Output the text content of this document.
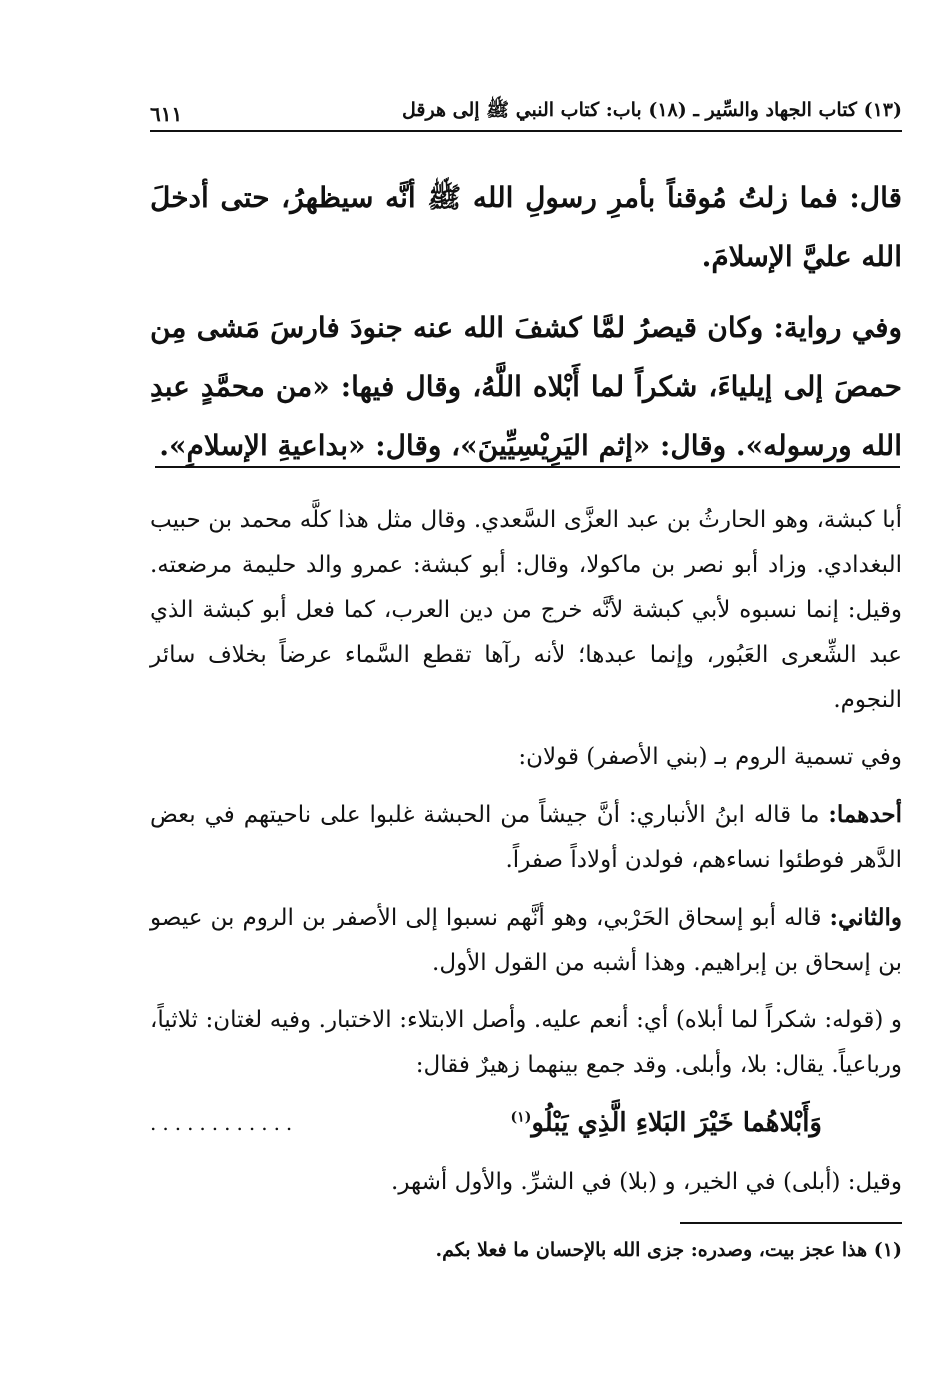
(١٣) كتاب الجهاد والسِّير ـ (١٨) باب: كتاب النبي ﷺ إلى هرقل
٦١١

قال: فما زلتُ مُوقناً بأمرِ رسولِ الله ﷺ أنَّه سيظهرُ، حتى أدخلَ الله عليَّ الإسلامَ.

وفي رواية: وكان قيصرُ لمَّا كشفَ الله عنه جنودَ فارسَ مَشى مِن حمصَ إلى إيلياءَ، شكراً لما أَبْلاه اللَّهُ، وقال فيها: «من محمَّدٍ عبدِ الله ورسوله». وقال: «إثم اليَرِيْسِيِّينَ»، وقال: «بداعيةِ الإسلامِ».

أبا كبشة، وهو الحارثُ بن عبد العزَّى السَّعدي. وقال مثل هذا كلَّه محمد بن حبيب البغدادي. وزاد أبو نصر بن ماكولا، وقال: أبو كبشة: عمرو والد حليمة مرضعته. وقيل: إنما نسبوه لأبي كبشة لأنَّه خرج من دين العرب، كما فعل أبو كبشة الذي عبد الشِّعرى العَبُور، وإنما عبدها؛ لأنه رآها تقطع السَّماء عرضاً بخلاف سائر النجوم.

وفي تسمية الروم بـ (بني الأصفر) قولان:

أحدهما: ما قاله ابنُ الأنباري: أنَّ جيشاً من الحبشة غلبوا على ناحيتهم في بعض الدَّهر فوطئوا نساءهم، فولدن أولاداً صفراً.

والثاني: قاله أبو إسحاق الحَرْبي، وهو أنَّهم نسبوا إلى الأصفر بن الروم بن عيصو بن إسحاق بن إبراهيم. وهذا أشبه من القول الأول.

و (قوله: شكراً لما أبلاه) أي: أنعم عليه. وأصل الابتلاء: الاختبار. وفيه لغتان: ثلاثياً، ورباعياً. يقال: بلا، وأبلى. وقد جمع بينهما زهيرٌ فقال:

وَأَبْلاهُما خَيْرَ البَلاءِ الَّذِي يَبْلُو$^{(١)}$
............

وقيل: (أبلى) في الخير، و (بلا) في الشرِّ. والأول أشهر.

(١) هذا عجز بيت، وصدره: جزى الله بالإحسان ما فعلا بكم.
